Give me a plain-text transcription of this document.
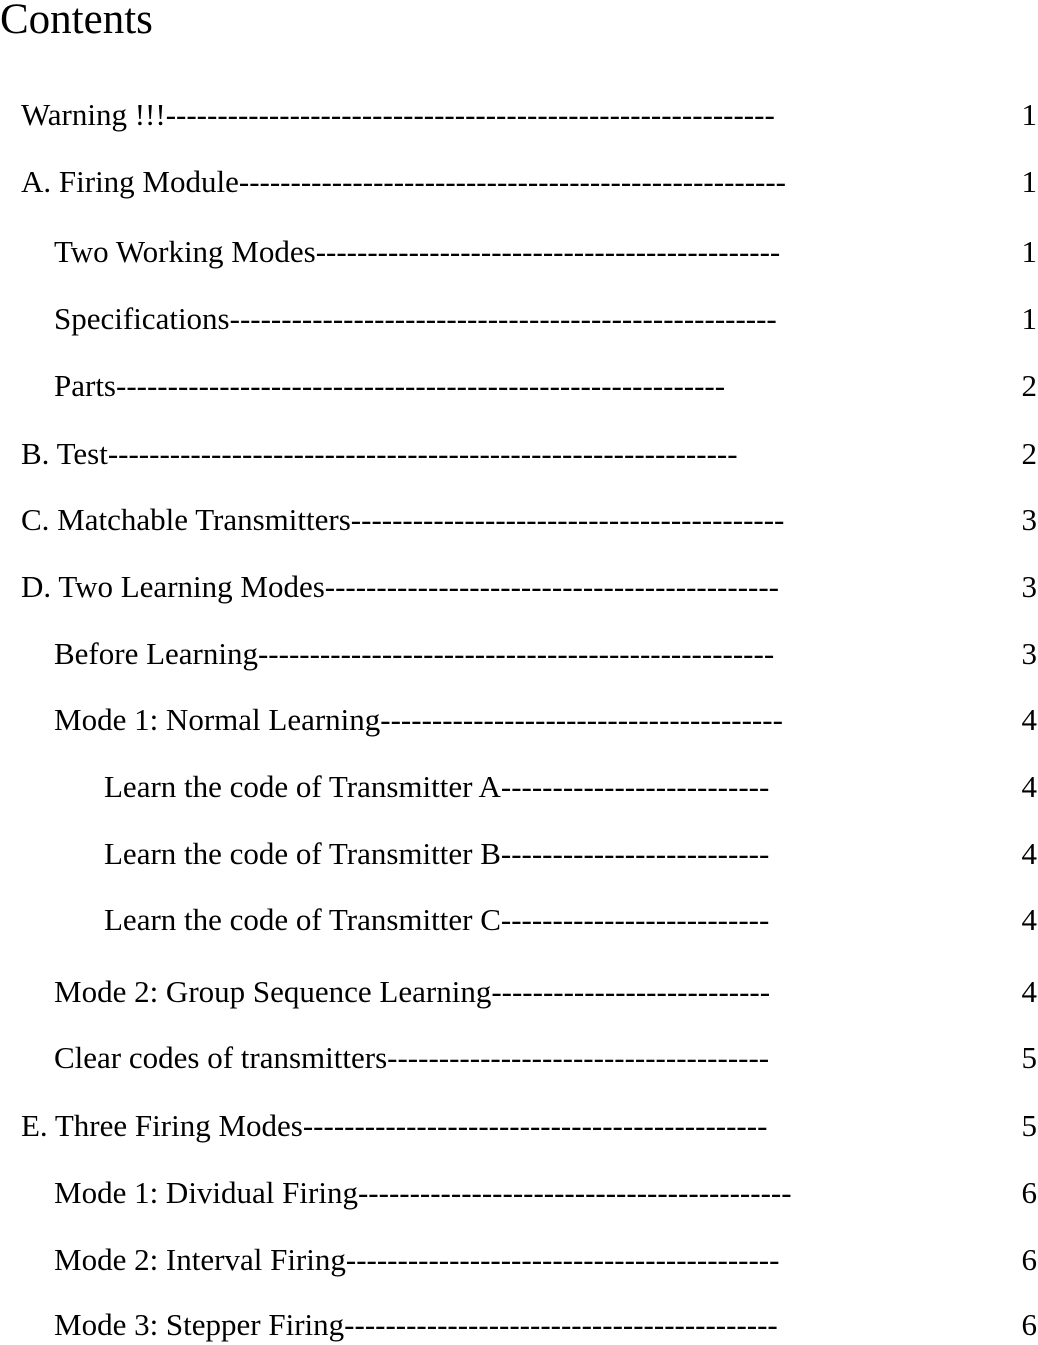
Contents
Warning !!!-----------------------------------------------------------	1
A. Firing Module-----------------------------------------------------	1
Two Working Modes---------------------------------------------	1
Specifications-----------------------------------------------------	1
Parts-----------------------------------------------------------	2
B. Test-------------------------------------------------------------	2
C. Matchable Transmitters------------------------------------------	3
D. Two Learning Modes--------------------------------------------	3
Before Learning--------------------------------------------------	3
Mode 1: Normal Learning---------------------------------------	4
Learn the code of Transmitter A--------------------------	4
Learn the code of Transmitter B--------------------------	4
Learn the code of Transmitter C--------------------------	4
Mode 2: Group Sequence Learning---------------------------	4
Clear codes of transmitters-------------------------------------	5
E. Three Firing Modes---------------------------------------------	5
Mode 1: Dividual Firing------------------------------------------	6
Mode 2: Interval Firing------------------------------------------	6
Mode 3: Stepper Firing------------------------------------------	6
